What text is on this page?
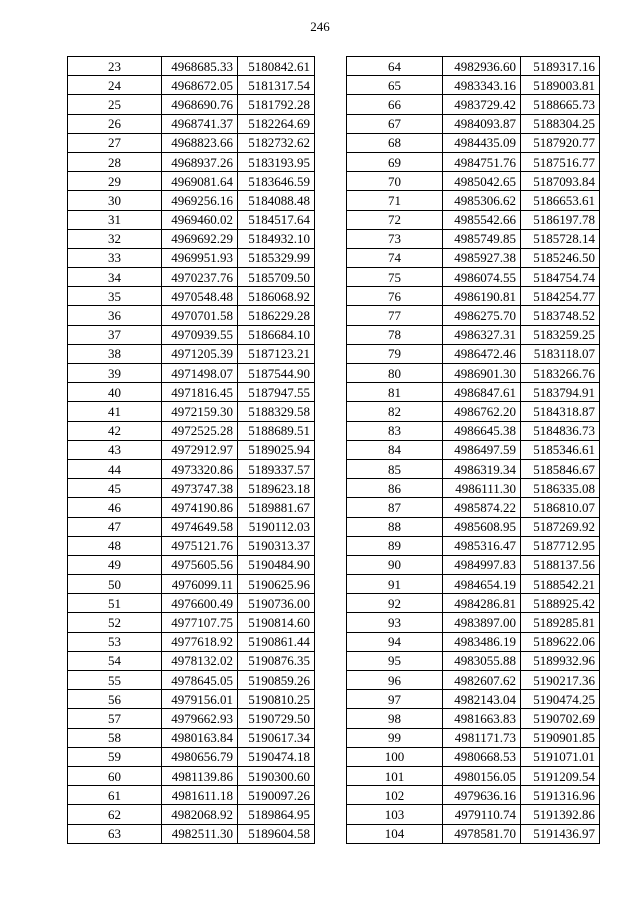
246
23	4968685.33	5180842.61
24	4968672.05	5181317.54
25	4968690.76	5181792.28
26	4968741.37	5182264.69
27	4968823.66	5182732.62
28	4968937.26	5183193.95
29	4969081.64	5183646.59
30	4969256.16	5184088.48
31	4969460.02	5184517.64
32	4969692.29	5184932.10
33	4969951.93	5185329.99
34	4970237.76	5185709.50
35	4970548.48	5186068.92
36	4970701.58	5186229.28
37	4970939.55	5186684.10
38	4971205.39	5187123.21
39	4971498.07	5187544.90
40	4971816.45	5187947.55
41	4972159.30	5188329.58
42	4972525.28	5188689.51
43	4972912.97	5189025.94
44	4973320.86	5189337.57
45	4973747.38	5189623.18
46	4974190.86	5189881.67
47	4974649.58	5190112.03
48	4975121.76	5190313.37
49	4975605.56	5190484.90
50	4976099.11	5190625.96
51	4976600.49	5190736.00
52	4977107.75	5190814.60
53	4977618.92	5190861.44
54	4978132.02	5190876.35
55	4978645.05	5190859.26
56	4979156.01	5190810.25
57	4979662.93	5190729.50
58	4980163.84	5190617.34
59	4980656.79	5190474.18
60	4981139.86	5190300.60
61	4981611.18	5190097.26
62	4982068.92	5189864.95
63	4982511.30	5189604.58
64	4982936.60	5189317.16
65	4983343.16	5189003.81
66	4983729.42	5188665.73
67	4984093.87	5188304.25
68	4984435.09	5187920.77
69	4984751.76	5187516.77
70	4985042.65	5187093.84
71	4985306.62	5186653.61
72	4985542.66	5186197.78
73	4985749.85	5185728.14
74	4985927.38	5185246.50
75	4986074.55	5184754.74
76	4986190.81	5184254.77
77	4986275.70	5183748.52
78	4986327.31	5183259.25
79	4986472.46	5183118.07
80	4986901.30	5183266.76
81	4986847.61	5183794.91
82	4986762.20	5184318.87
83	4986645.38	5184836.73
84	4986497.59	5185346.61
85	4986319.34	5185846.67
86	4986111.30	5186335.08
87	4985874.22	5186810.07
88	4985608.95	5187269.92
89	4985316.47	5187712.95
90	4984997.83	5188137.56
91	4984654.19	5188542.21
92	4984286.81	5188925.42
93	4983897.00	5189285.81
94	4983486.19	5189622.06
95	4983055.88	5189932.96
96	4982607.62	5190217.36
97	4982143.04	5190474.25
98	4981663.83	5190702.69
99	4981171.73	5190901.85
100	4980668.53	5191071.01
101	4980156.05	5191209.54
102	4979636.16	5191316.96
103	4979110.74	5191392.86
104	4978581.70	5191436.97
